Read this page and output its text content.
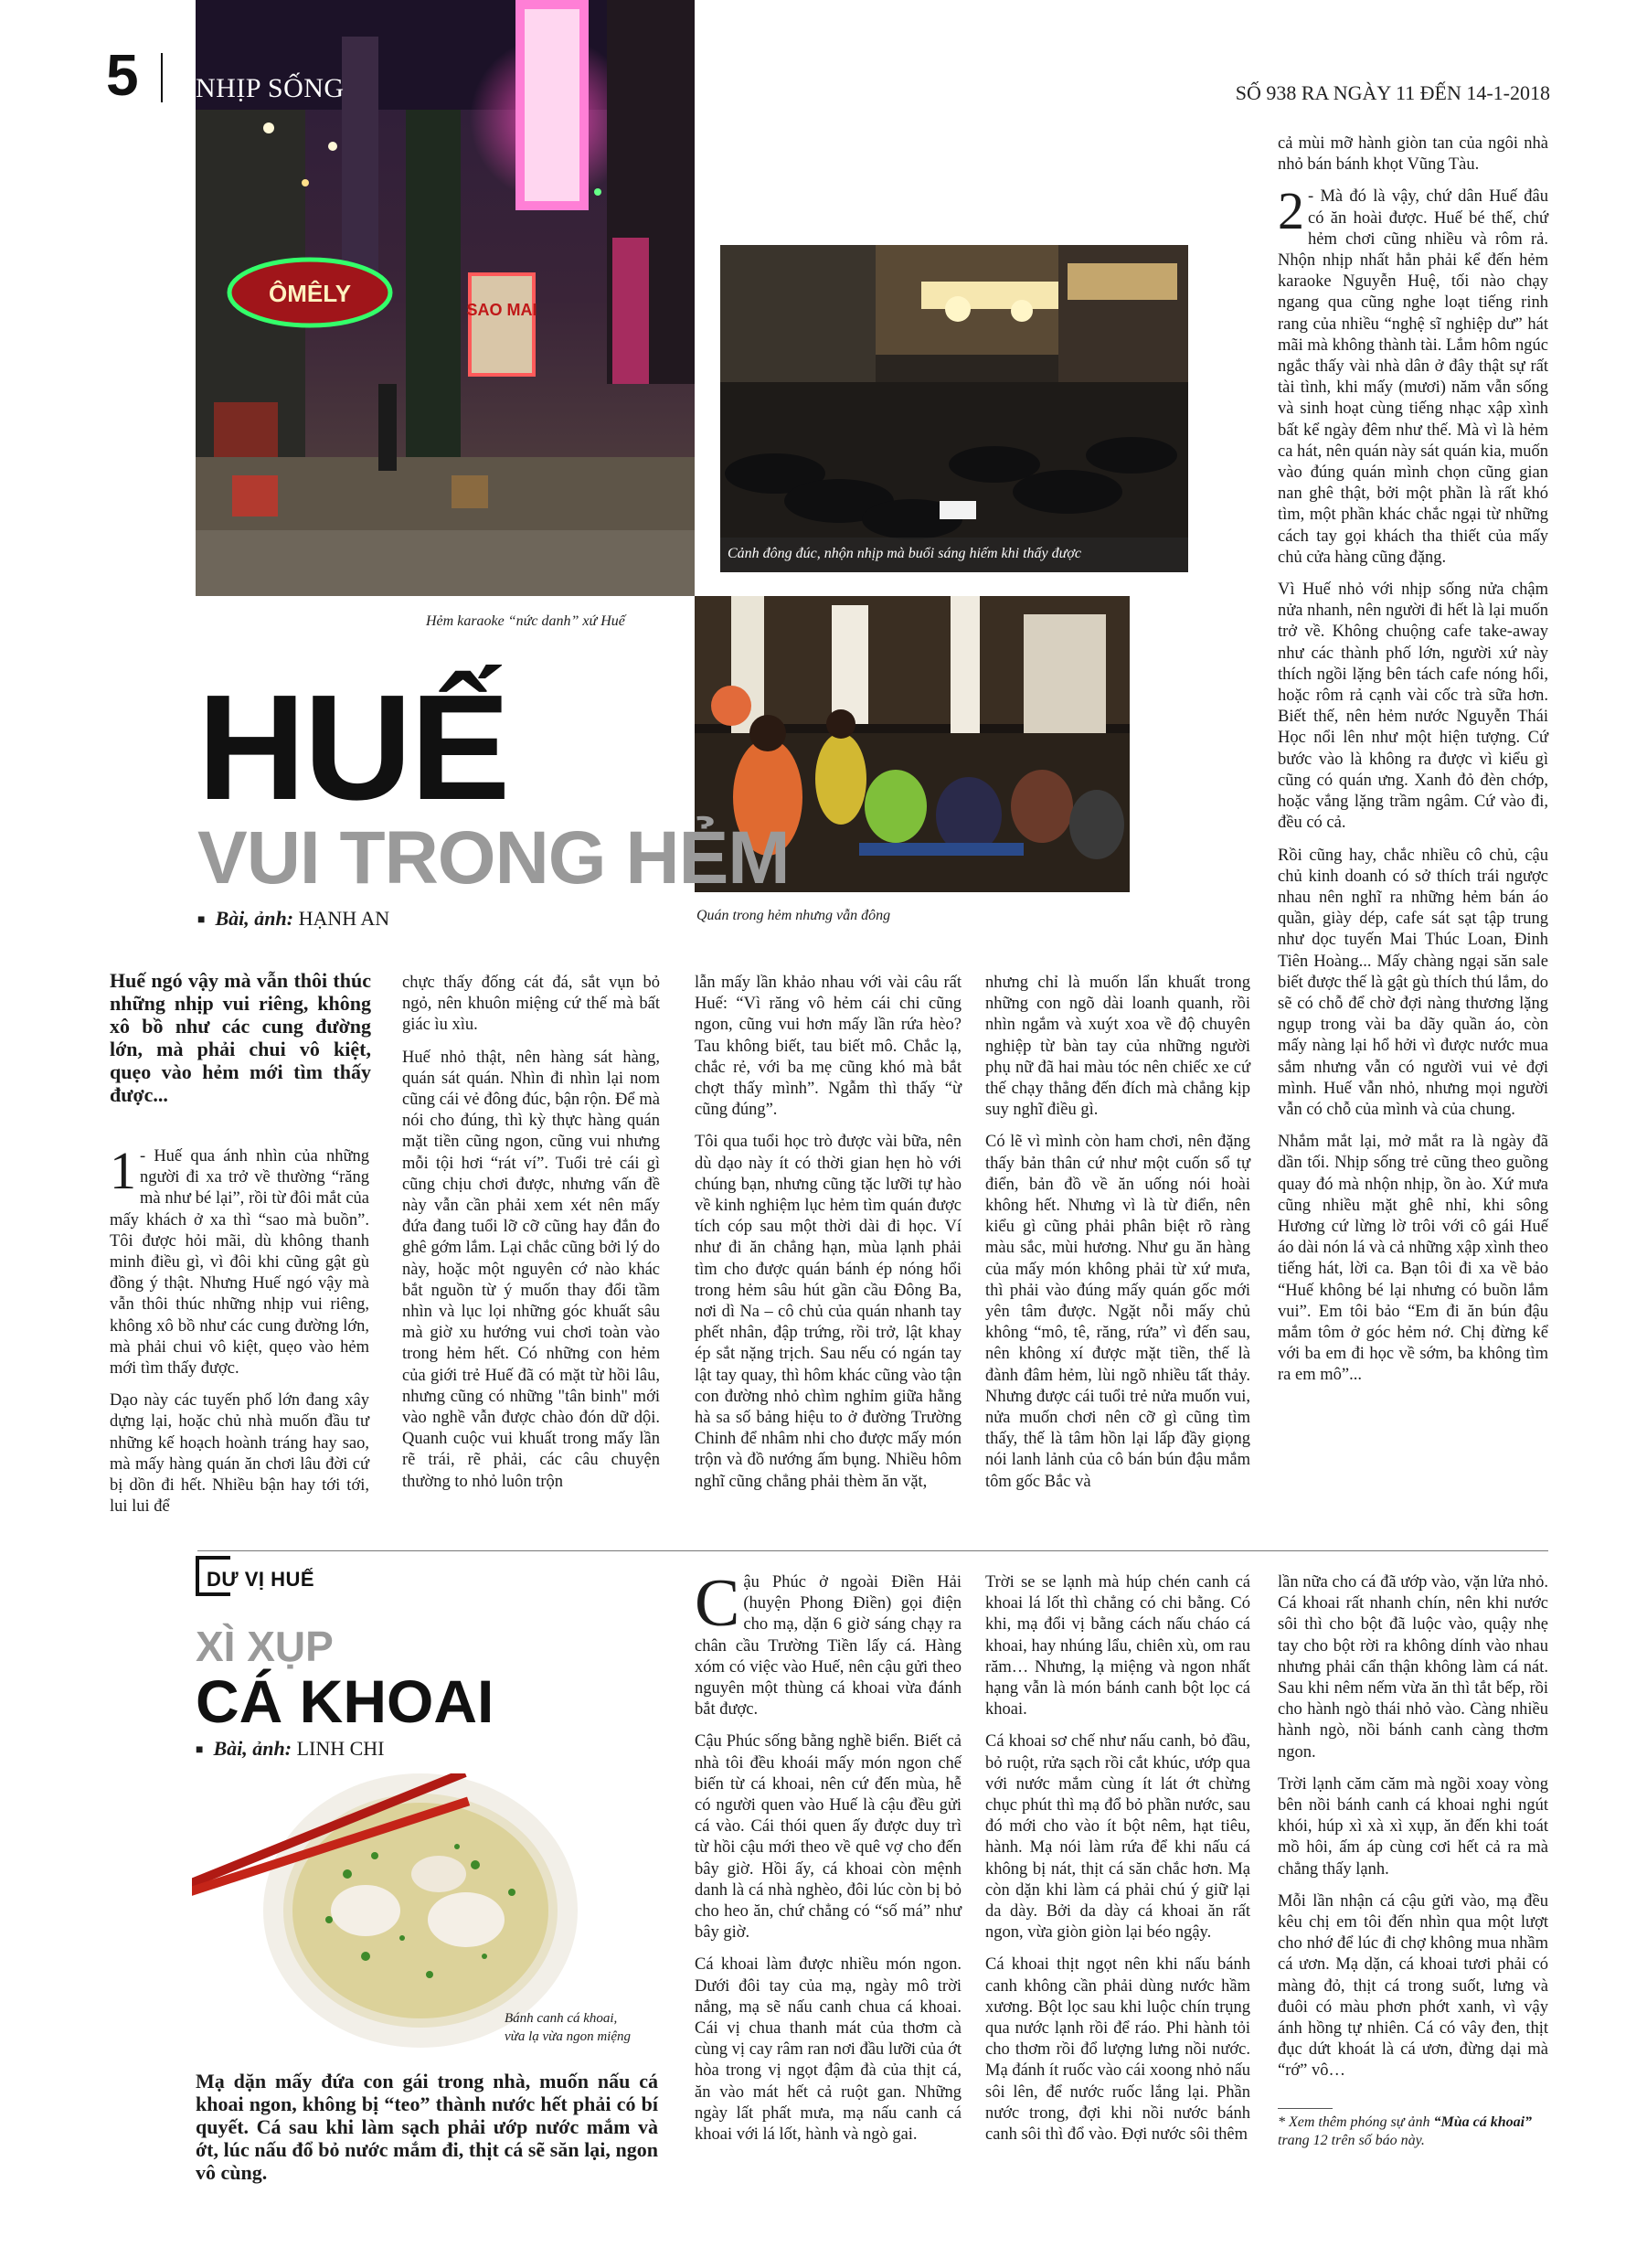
5 NHỊP SỐNG	SỐ 938 RA NGÀY 11 ĐẾN 14-1-2018
ÔMÊLY
SAO MAI
Hẻm karaoke “nức danh” xứ Huế
Cảnh đông đúc, nhộn nhịp mà buổi sáng hiếm khi thấy được
Quán trong hẻm nhưng vẫn đông
HUẾ
VUI TRONG HẺM
■ Bài, ảnh: HẠNH AN
Huế ngó vậy mà vẫn thôi thúc những nhịp vui riêng, không xô bồ như các cung đường lớn, mà phải chui vô kiệt, quẹo vào hẻm mới tìm thấy được...

1 - Huế qua ánh nhìn của những người đi xa trở về thường “răng mà như bé lại”, rồi từ đôi mắt của mấy khách ở xa thì “sao mà buồn”. Tôi được hỏi mãi, dù không thanh minh điều gì, vì đôi khi cũng gật gù đồng ý thật. Nhưng Huế ngó vậy mà vẫn thôi thúc những nhịp vui riêng, không xô bồ như các cung đường lớn, mà phải chui vô kiệt, quẹo vào hẻm mới tìm thấy được.

Dạo này các tuyến phố lớn đang xây dựng lại, hoặc chủ nhà muốn đầu tư những kế hoạch hoành tráng hay sao, mà mấy hàng quán ăn chơi lâu đời cứ bị dồn đi hết. Nhiều bận hay tới tới, lui lui để

chực thấy đống cát đá, sắt vụn bỏ ngỏ, nên khuôn miệng cứ thế mà bất giác ìu xìu.

Huế nhỏ thật, nên hàng sát hàng, quán sát quán. Nhìn đi nhìn lại nom cũng cái vẻ đông đúc, bận rộn. Để mà nói cho đúng, thì kỳ thực hàng quán mặt tiền cũng ngon, cũng vui nhưng mỗi tội hơi “rát ví”. Tuổi trẻ cái gì cũng chịu chơi được, nhưng vấn đề này vẫn cần phải xem xét nên mấy đứa đang tuổi lỡ cỡ cũng hay đắn đo ghê gớm lắm. Lại chắc cũng bởi lý do này, hoặc một nguyên cớ nào khác bắt nguồn từ ý muốn thay đổi tầm nhìn và lục lọi những góc khuất sâu mà giờ xu hướng vui chơi toàn vào trong hẻm hết. Có những con hẻm của giới trẻ Huế đã có mặt từ hồi lâu, nhưng cũng có những "tân binh" mới vào nghề vẫn được chào đón dữ dội. Quanh cuộc vui khuất trong mấy lần rẽ trái, rẽ phải, các câu chuyện thường to nhỏ luôn trộn

lẫn mấy lần khảo nhau với vài câu rất Huế: “Vì răng vô hẻm cái chi cũng ngon, cũng vui hơn mấy lần rứa hèo? Tau không biết, tau biết mô. Chắc lạ, chắc rẻ, với ba mẹ cũng khó mà bắt chợt thấy mình”. Ngẫm thì thấy “ừ cũng đúng”.

Tôi qua tuổi học trò được vài bữa, nên dù dạo này ít có thời gian hẹn hò với chúng bạn, nhưng cũng tặc lưỡi tự hào về kinh nghiệm lục hẻm tìm quán được tích cóp sau một thời dài đi học. Ví như đi ăn chẳng hạn, mùa lạnh phải tìm cho được quán bánh ép nóng hổi trong hẻm sâu hút gần cầu Đông Ba, nơi dì Na – cô chủ của quán nhanh tay phết nhân, đập trứng, rồi trở, lật khay ép sắt nặng trịch. Sau nếu có ngán tay lật tay quay, thì hôm khác cũng vào tận con đường nhỏ chìm nghỉm giữa hằng hà sa số bảng hiệu to ở đường Trường Chinh để nhâm nhi cho được mấy món trộn và đồ nướng ấm bụng. Nhiều hôm nghĩ cũng chẳng phải thèm ăn vặt,

nhưng chỉ là muốn lẩn khuất trong những con ngõ dài loanh quanh, rồi nhìn ngắm và xuýt xoa về độ chuyên nghiệp từ bàn tay của những người phụ nữ đã hai màu tóc nên chiếc xe cứ thế chạy thẳng đến đích mà chẳng kịp suy nghĩ điều gì.

Có lẽ vì mình còn ham chơi, nên đặng thấy bản thân cứ như một cuốn sổ tự điển, bản đồ về ăn uống nói hoài không hết. Nhưng vì là từ điển, nên kiểu gì cũng phải phân biệt rõ ràng màu sắc, mùi hương. Như gu ăn hàng của mấy món không phải từ xứ mưa, thì phải vào đúng mấy quán gốc mới yên tâm được. Ngặt nỗi mấy chủ không “mô, tê, răng, rứa” vì đến sau, nên không xí được mặt tiền, thế là đành đâm hẻm, lùi ngõ nhiều tất thảy. Nhưng được cái tuổi trẻ nửa muốn vui, nửa muốn chơi nên cỡ gì cũng tìm thấy, thế là tâm hồn lại lấp đầy giọng nói lanh lảnh của cô bán bún đậu mắm tôm gốc Bắc và

cả mùi mỡ hành giòn tan của ngôi nhà nhỏ bán bánh khọt Vũng Tàu.

2 - Mà đó là vậy, chứ dân Huế đâu có ăn hoài được. Huế bé thế, chứ hẻm chơi cũng nhiều và rôm rả. Nhộn nhịp nhất hẳn phải kể đến hẻm karaoke Nguyễn Huệ, tối nào chạy ngang qua cũng nghe loạt tiếng rinh rang của nhiều “nghệ sĩ nghiệp dư” hát mãi mà không thành tài. Lắm hôm ngúc ngắc thấy vài nhà dân ở đây thật sự rất tài tình, khi mấy (mươi) năm vẫn sống và sinh hoạt cùng tiếng nhạc xập xình bất kể ngày đêm như thế. Mà vì là hẻm ca hát, nên quán này sát quán kia, muốn vào đúng quán mình chọn cũng gian nan ghê thật, bởi một phần là rất khó tìm, một phần khác chắc ngại từ những cách tay gọi khách tha thiết của mấy chủ cửa hàng cũng đặng.

Vì Huế nhỏ với nhịp sống nửa chậm nửa nhanh, nên người đi hết là lại muốn trở về. Không chuộng cafe take-away như các thành phố lớn, người xứ này thích ngồi lặng bên tách cafe nóng hổi, hoặc rôm rả cạnh vài cốc trà sữa hơn. Biết thế, nên hẻm nước Nguyễn Thái Học nổi lên như một hiện tượng. Cứ bước vào là không ra được vì kiểu gì cũng có quán ưng. Xanh đỏ đèn chớp, hoặc vắng lặng trầm ngâm. Cứ vào đi, đều có cả.

Rồi cũng hay, chắc nhiều cô chủ, cậu chủ kinh doanh có sở thích trái ngược nhau nên nghĩ ra những hẻm bán áo quần, giày dép, cafe sát sạt tập trung như dọc tuyến Mai Thúc Loan, Đinh Tiên Hoàng... Mấy chàng ngại săn sale biết được thế là gật gù thích thú lắm, do sẽ có chỗ để chờ đợi nàng thương lặng ngụp trong vài ba dãy quần áo, còn mấy nàng lại hổ hởi vì được nước mua sắm nhưng vẫn có người vui vẻ đợi mình. Huế vẫn nhỏ, nhưng mọi người vẫn có chỗ của mình và của chung.

Nhắm mắt lại, mở mắt ra là ngày đã dần tối. Nhịp sống trẻ cũng theo guồng quay đó mà nhộn nhịp, ồn ào. Xứ mưa cũng nhiều mặt ghê nhỉ, khi sông Hương cứ lừng lờ trôi với cô gái Huế áo dài nón lá và cả những xập xình theo tiếng hát, lời ca. Bạn tôi đi xa về bảo “Huế không bé lại nhưng có buồn lắm vui”. Em tôi bảo “Em đi ăn bún đậu mắm tôm ở góc hẻm nớ. Chị đừng kể với ba em đi học về sớm, ba không tìm ra em mô”...

DƯ VỊ HUẾ
XÌ XỤP
CÁ KHOAI
■ Bài, ảnh: LINH CHI
Bánh canh cá khoai,
vừa lạ vừa ngon miệng
Mạ dặn mấy đứa con gái trong nhà, muốn nấu cá khoai ngon, không bị “teo” thành nước hết phải có bí quyết. Cá sau khi làm sạch phải ướp nước mắm và ớt, lúc nấu đổ bỏ nước mắm đi, thịt cá sẽ săn lại, ngon vô cùng.

Cậu Phúc ở ngoài Điền Hải (huyện Phong Điền) gọi điện cho mạ, dặn 6 giờ sáng chạy ra chân cầu Trường Tiền lấy cá. Hàng xóm có việc vào Huế, nên cậu gửi theo nguyên một thùng cá khoai vừa đánh bắt được.

Cậu Phúc sống bằng nghề biển. Biết cả nhà tôi đều khoái mấy món ngon chế biến từ cá khoai, nên cứ đến mùa, hễ có người quen vào Huế là cậu đều gửi cá vào. Cái thói quen ấy được duy trì từ hồi cậu mới theo về quê vợ cho đến bây giờ. Hồi ấy, cá khoai còn mệnh danh là cá nhà nghèo, đôi lúc còn bị bỏ cho heo ăn, chứ chẳng có “số má” như bây giờ.

Cá khoai làm được nhiều món ngon. Dưới đôi tay của mạ, ngày mô trời nắng, mạ sẽ nấu canh chua cá khoai. Cái vị chua thanh mát của thơm cà cùng vị cay râm ran nơi đầu lưỡi của ớt hòa trong vị ngọt đậm đà của thịt cá, ăn vào mát hết cả ruột gan. Những ngày lất phất mưa, mạ nấu canh cá khoai với lá lốt, hành và ngò gai.

Trời se se lạnh mà húp chén canh cá khoai lá lốt thì chẳng có chi bằng. Có khi, mạ đổi vị bằng cách nấu cháo cá khoai, hay nhúng lẩu, chiên xù, om rau răm… Nhưng, lạ miệng và ngon nhất hạng vẫn là món bánh canh bột lọc cá khoai.

Cá khoai sơ chế như nấu canh, bỏ đầu, bỏ ruột, rửa sạch rồi cắt khúc, ướp qua với nước mắm cùng ít lát ớt chừng chục phút thì mạ đổ bỏ phần nước, sau đó mới cho vào ít bột nêm, hạt tiêu, hành. Mạ nói làm rứa để khi nấu cá không bị nát, thịt cá săn chắc hơn. Mạ còn dặn khi làm cá phải chú ý giữ lại da dày. Bởi da dày cá khoai ăn rất ngon, vừa giòn giòn lại béo ngậy.

Cá khoai thịt ngọt nên khi nấu bánh canh không cần phải dùng nước hầm xương. Bột lọc sau khi luộc chín trụng qua nước lạnh rồi để ráo. Phi hành tỏi cho thơm rồi đổ lượng lưng nồi nước. Mạ đánh ít ruốc vào cái xoong nhỏ nấu sôi lên, để nước ruốc lắng lại. Phần nước trong, đợi khi nồi nước bánh canh sôi thì đổ vào. Đợi nước sôi thêm

lần nữa cho cá đã ướp vào, vặn lửa nhỏ. Cá khoai rất nhanh chín, nên khi nước sôi thì cho bột đã luộc vào, quậy nhẹ tay cho bột rời ra không dính vào nhau nhưng phải cẩn thận không làm cá nát. Sau khi nêm nếm vừa ăn thì tắt bếp, rồi cho hành ngò thái nhỏ vào. Càng nhiều hành ngò, nồi bánh canh càng thơm ngon.

Trời lạnh căm căm mà ngồi xoay vòng bên nồi bánh canh cá khoai nghi ngút khói, húp xì xà xì xụp, ăn đến khi toát mồ hôi, ấm áp cùng cơi hết cả ra mà chẳng thấy lạnh.

Mỗi lần nhận cá cậu gửi vào, mạ đều kêu chị em tôi đến nhìn qua một lượt cho nhớ để lúc đi chợ không mua nhầm cá ươn. Mạ dặn, cá khoai tươi phải có màng đỏ, thịt cá trong suốt, lưng và đuôi có màu phơn phớt xanh, vì vậy ánh hồng tự nhiên. Cá có vây đen, thịt đục dứt khoát là cá ươn, đừng dại mà “rớ” vô…

* Xem thêm phóng sự ảnh “Mùa cá khoai” trang 12 trên số báo này.
